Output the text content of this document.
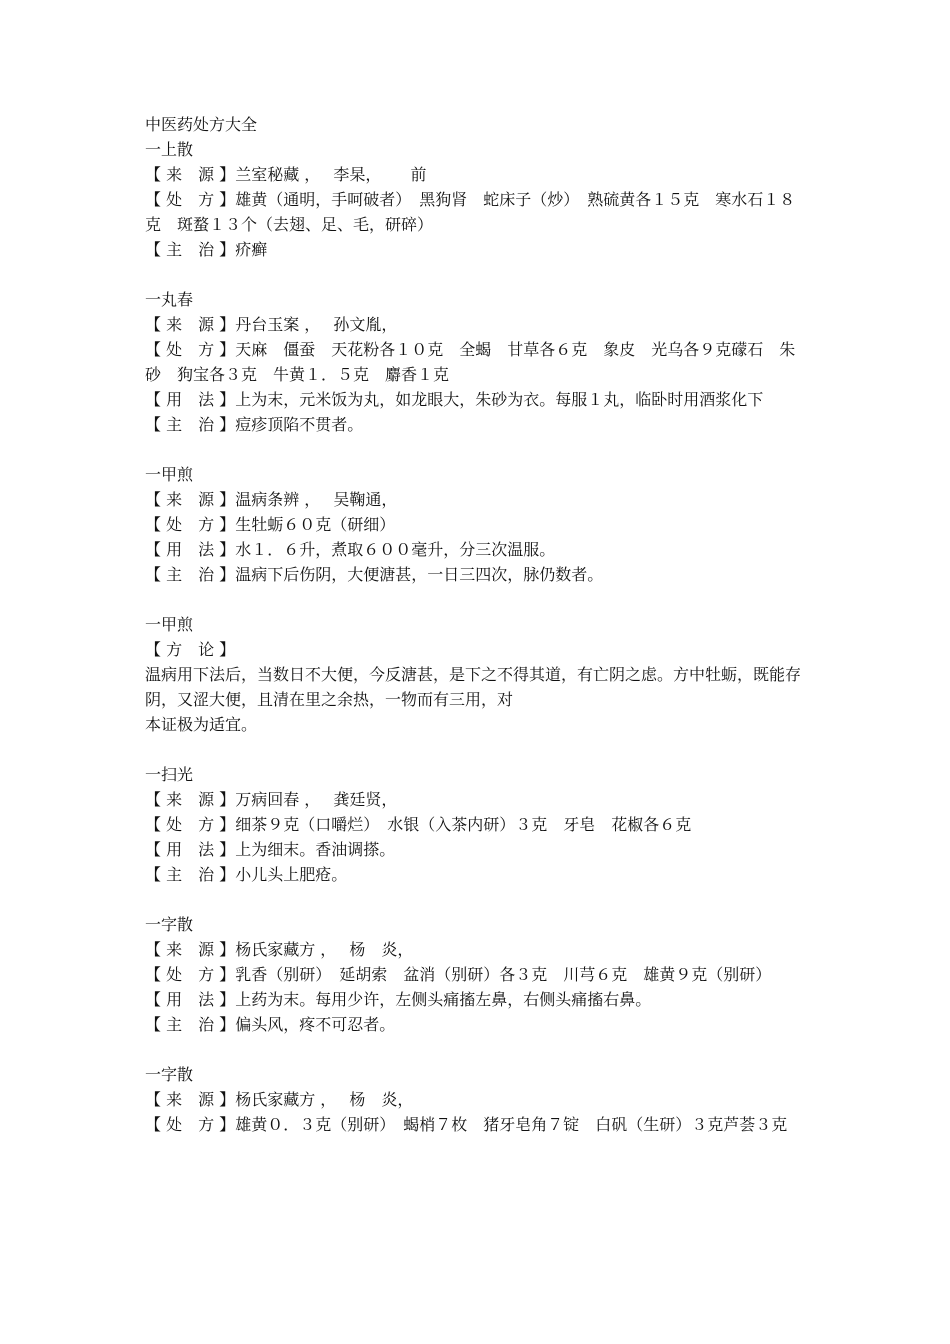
中医药处方大全
一上散
【 来　源 】兰室秘藏 ，　 李杲，　　 前
【 处　方 】雄黄（通明，手呵破者）　黑狗肾　蛇床子（炒）　熟硫黄各１５克　寒水石１８克　斑蝥１３个（去翅、足、毛，研碎）
【 主　治 】疥癣
一丸春
【 来　源 】丹台玉案 ，　 孙文胤，
【 处　方 】天麻　僵蚕　天花粉各１０克　全蝎　甘草各６克　象皮　光乌各９克礞石　朱砂　狗宝各３克　牛黄１．５克　麝香１克
【 用　法 】上为末，元米饭为丸，如龙眼大，朱砂为衣。每服１丸，临卧时用酒浆化下
【 主　治 】痘疹顶陷不贯者。
一甲煎
【 来　源 】温病条辨 ，　 吴鞠通，
【 处　方 】生牡蛎６０克（研细）
【 用　法 】水１．６升，煮取６００毫升，分三次温服。
【 主　治 】温病下后伤阴，大便溏甚，一日三四次，脉仍数者。
一甲煎
【 方　论 】
温病用下法后，当数日不大便，今反溏甚，是下之不得其道，有亡阴之虑。方中牡蛎，既能存阴，又涩大便，且清在里之余热，一物而有三用，对
本证极为适宜。
一扫光
【 来　源 】万病回春 ，　 龚廷贤，
【 处　方 】细茶９克（口嚼烂）　水银（入茶内研）３克　牙皂　花椒各６克
【 用　法 】上为细末。香油调搽。
【 主　治 】小儿头上肥疮。
一字散
【 来　源 】杨氏家藏方 ，　 杨　炎，
【 处　方 】乳香（别研）　延胡索　盆消（别研）各３克　川芎６克　雄黄９克（别研）
【 用　法 】上药为末。每用少许，左侧头痛搐左鼻，右侧头痛搐右鼻。
【 主　治 】偏头风，疼不可忍者。
一字散
【 来　源 】杨氏家藏方 ，　 杨　炎，
【 处　方 】雄黄０．３克（别研）　蝎梢７枚　猪牙皂角７锭　白矾（生研）３克芦荟３克
